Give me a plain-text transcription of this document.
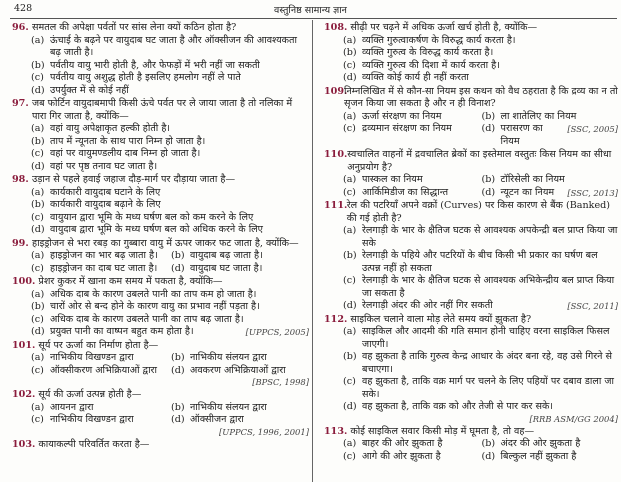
वस्तुनिष्ठ सामान्य ज्ञान
428
96. समतल की अपेक्षा पर्वतों पर सांस लेना क्यों कठिन होता है?
(a) ऊंचाई के बढ़ने पर वायुदाब घट जाता है और ऑक्सीजन की आवश्यकता बढ़ जाती है।
(b) पर्वतीय वायु भारी होती है, और फेफड़ों में भरी नहीं जा सकती
(c) पर्वतीय वायु अशुद्ध होती है इसलिए हमलोग नहीं ले पाते
(d) उपर्युक्त में से कोई नहीं
97. जब फोर्टिन वायुदाबमापी किसी ऊंचे पर्वत पर ले जाया जाता है तो नलिका में पारा गिर जाता है, क्योंकि—
(a) वहां वायु अपेक्षाकृत हल्की होती है।
(b) ताप में न्यूनता के साथ पारा निम्न हो जाता है।
(c) वहां पर वायुमण्डलीय दाब निम्न हो जाता है।
(d) वहां पर पृष्ठ तनाव घट जाता है।
98. उड़ान से पहले हवाई जहाज दौड़-मार्ग पर दौड़ाया जाता है—
(a) कार्यकारी वायुदाब घटाने के लिए
(b) कार्यकारी वायुदाब बढ़ाने के लिए
(c) वायुयान द्वारा भूमि के मध्य घर्षण बल को कम करने के लिए
(d) वायुदाब द्वारा भूमि के मध्य घर्षण बल को अधिक करने के लिए
99. हाइड्रोजन से भरा रबड़ का गुब्बारा वायु में ऊपर जाकर फट जाता है, क्योंकि—
(a) हाइड्रोजन का भार बढ़ जाता है। (b) वायुदाब बढ़ जाता है।
(c) हाइड्रोजन का दाब घट जाता है। (d) वायुदाब घट जाता है।
100. प्रेशर कुकर में खाना कम समय में पकता है, क्योंकि—
(a) अधिक दाब के कारण उबलते पानी का ताप कम हो जाता है।
(b) चारों ओर से बन्द होने के कारण वायु का प्रभाव नहीं पड़ता है।
(c) अधिक दाब के कारण उबलते पानी का ताप बढ़ जाता है।
(d) प्रयुक्त पानी का वाष्पन बहुत कम होता है।	[UPPCS, 2005]
101. सूर्य पर ऊर्जा का निर्माण होता है—
(a) नाभिकीय विखण्डन द्वारा	(b) नाभिकीय संलयन द्वारा
(c) ऑक्सीकरण अभिक्रियाओं द्वारा (d) अवकरण अभिक्रियाओं द्वारा
[BPSC, 1998]
102. सूर्य की ऊर्जा उत्पन्न होती है—
(a) आयनन द्वारा	(b) नाभिकीय संलयन द्वारा
(c) नाभिकीय विखण्डन द्वारा	(d) ऑक्सीजन द्वारा
[UPPCS, 1996, 2001]
103. कायाकल्पी परिवर्तित करता है—
108. सीढ़ी पर चढ़ने में अधिक ऊर्जा खर्च होती है, क्योंकि—
(a) व्यक्ति गुरुत्वाकर्षण के विरुद्ध कार्य करता है।
(b) व्यक्ति गुरुत्व के विरुद्ध कार्य करता है।
(c) व्यक्ति गुरुत्व की दिशा में कार्य करता है।
(d) व्यक्ति कोई कार्य ही नहीं करता
109.
निम्नलिखित में से कौन-सा नियम इस कथन को वैध ठहराता है कि द्रव्य का न तो सृजन किया जा सकता है और न ही विनाश?
(a) ऊर्जा संरक्षण का नियम	(b) ला शातेलिए का नियम
(c) द्रव्यमान संरक्षण का नियम	(d) परासरण का नियम
[SSC, 2005]
110. स्वचालित वाहनों में द्रवचालित ब्रेकों का इस्तेमाल वस्तुतः किस नियम का सीधा अनुप्रयोग है?
(a) पास्कल का नियम	(b) टॉरिसेली का नियम
(c) आर्किमिडीज का सिद्धान्त	(d) न्यूटन का नियम	[SSC, 2013]
111. रेल की पटरियाँ अपने वक्रों (Curves) पर किस कारण से बैंक (Banked) की गई होती है?
(a) रेलगाड़ी के भार के क्षैतिज घटक से आवश्यक अपकेन्द्री बल प्राप्त किया जा सके
(b) रेलगाड़ी के पहिये और पटरियों के बीच किसी भी प्रकार का घर्षण बल उत्पन्न नहीं हो सकता
(c) रेलगाड़ी के भार के क्षैतिज घटक से आवश्यक अभिकेन्द्रीय बल प्राप्त किया जा सकता है
(d) रेलगाड़ी अंदर की ओर नहीं गिर सकती	[SSC, 2011]
112. साइकिल चलाने वाला मोड़ लेते समय क्यों झुकता है?
(a) साइकिल और आदमी की गति समान होनी चाहिए वरना साइकिल फिसल जाएगी।
(b) वह झुकता है ताकि गुरुत्व केन्द्र आधार के अंदर बना रहे, वह उसे गिरने से बचाएगा।
(c) वह झुकता है, ताकि वक्र मार्ग पर चलने के लिए पहियों पर दबाव डाला जा सके।
(d) वह झुकता है, ताकि वक्र को और तेजी से पार कर सके।
[RRB ASM/GG 2004]
113. कोई साइकिल सवार किसी मोड़ में घूमता है, तो वह—
(a) बाहर की ओर झुकता है	(b) अंदर की ओर झुकता है
(c) आगे की ओर झुकता है	(d) बिल्कुल नहीं झुकता है
